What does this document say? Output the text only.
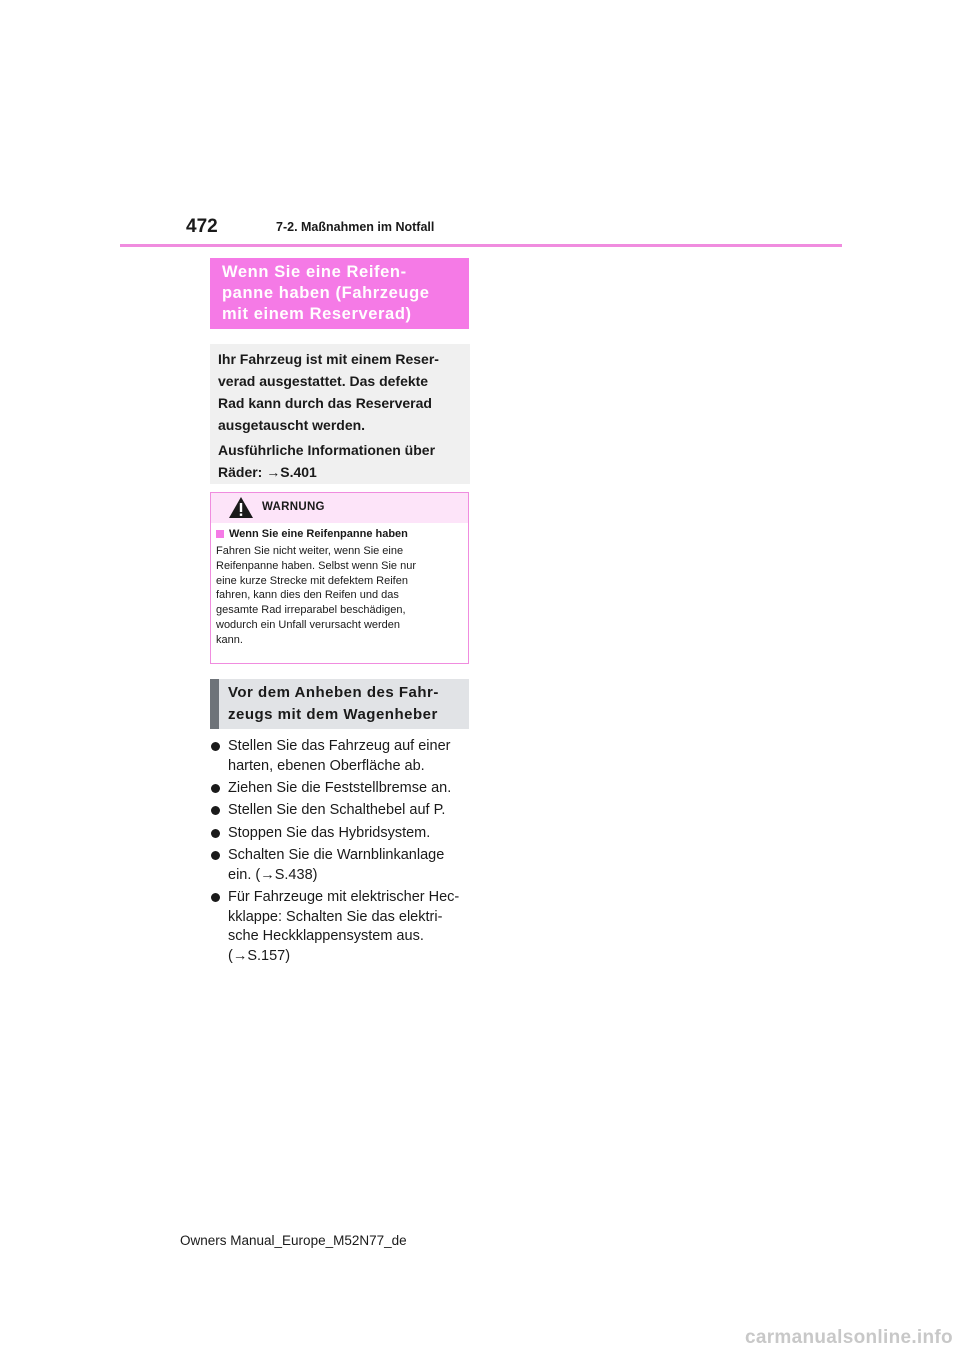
472	7-2. Maßnahmen im Notfall
Wenn Sie eine Reifen-
panne haben (Fahrzeuge
mit einem Reserverad)

Ihr Fahrzeug ist mit einem Reser-
verad ausgestattet. Das defekte
Rad kann durch das Reserverad
ausgetauscht werden.

Ausführliche Informationen über
Räder: →S.401

WARNUNG
Wenn Sie eine Reifenpanne haben

Fahren Sie nicht weiter, wenn Sie eine
Reifenpanne haben. Selbst wenn Sie nur
eine kurze Strecke mit defektem Reifen
fahren, kann dies den Reifen und das
gesamte Rad irreparabel beschädigen,
wodurch ein Unfall verursacht werden
kann.

Vor dem Anheben des Fahr-
zeugs mit dem Wagenheber
Stellen Sie das Fahrzeug auf einer
harten, ebenen Oberfläche ab.
Ziehen Sie die Feststellbremse an.
Stellen Sie den Schalthebel auf P.
Stoppen Sie das Hybridsystem.
Schalten Sie die Warnblinkanlage
ein. (→S.438)
Für Fahrzeuge mit elektrischer Hec-
kklappe: Schalten Sie das elektri-
sche Heckklappensystem aus.
(→S.157)
Owners Manual_Europe_M52N77_de
carmanualsonline.info
